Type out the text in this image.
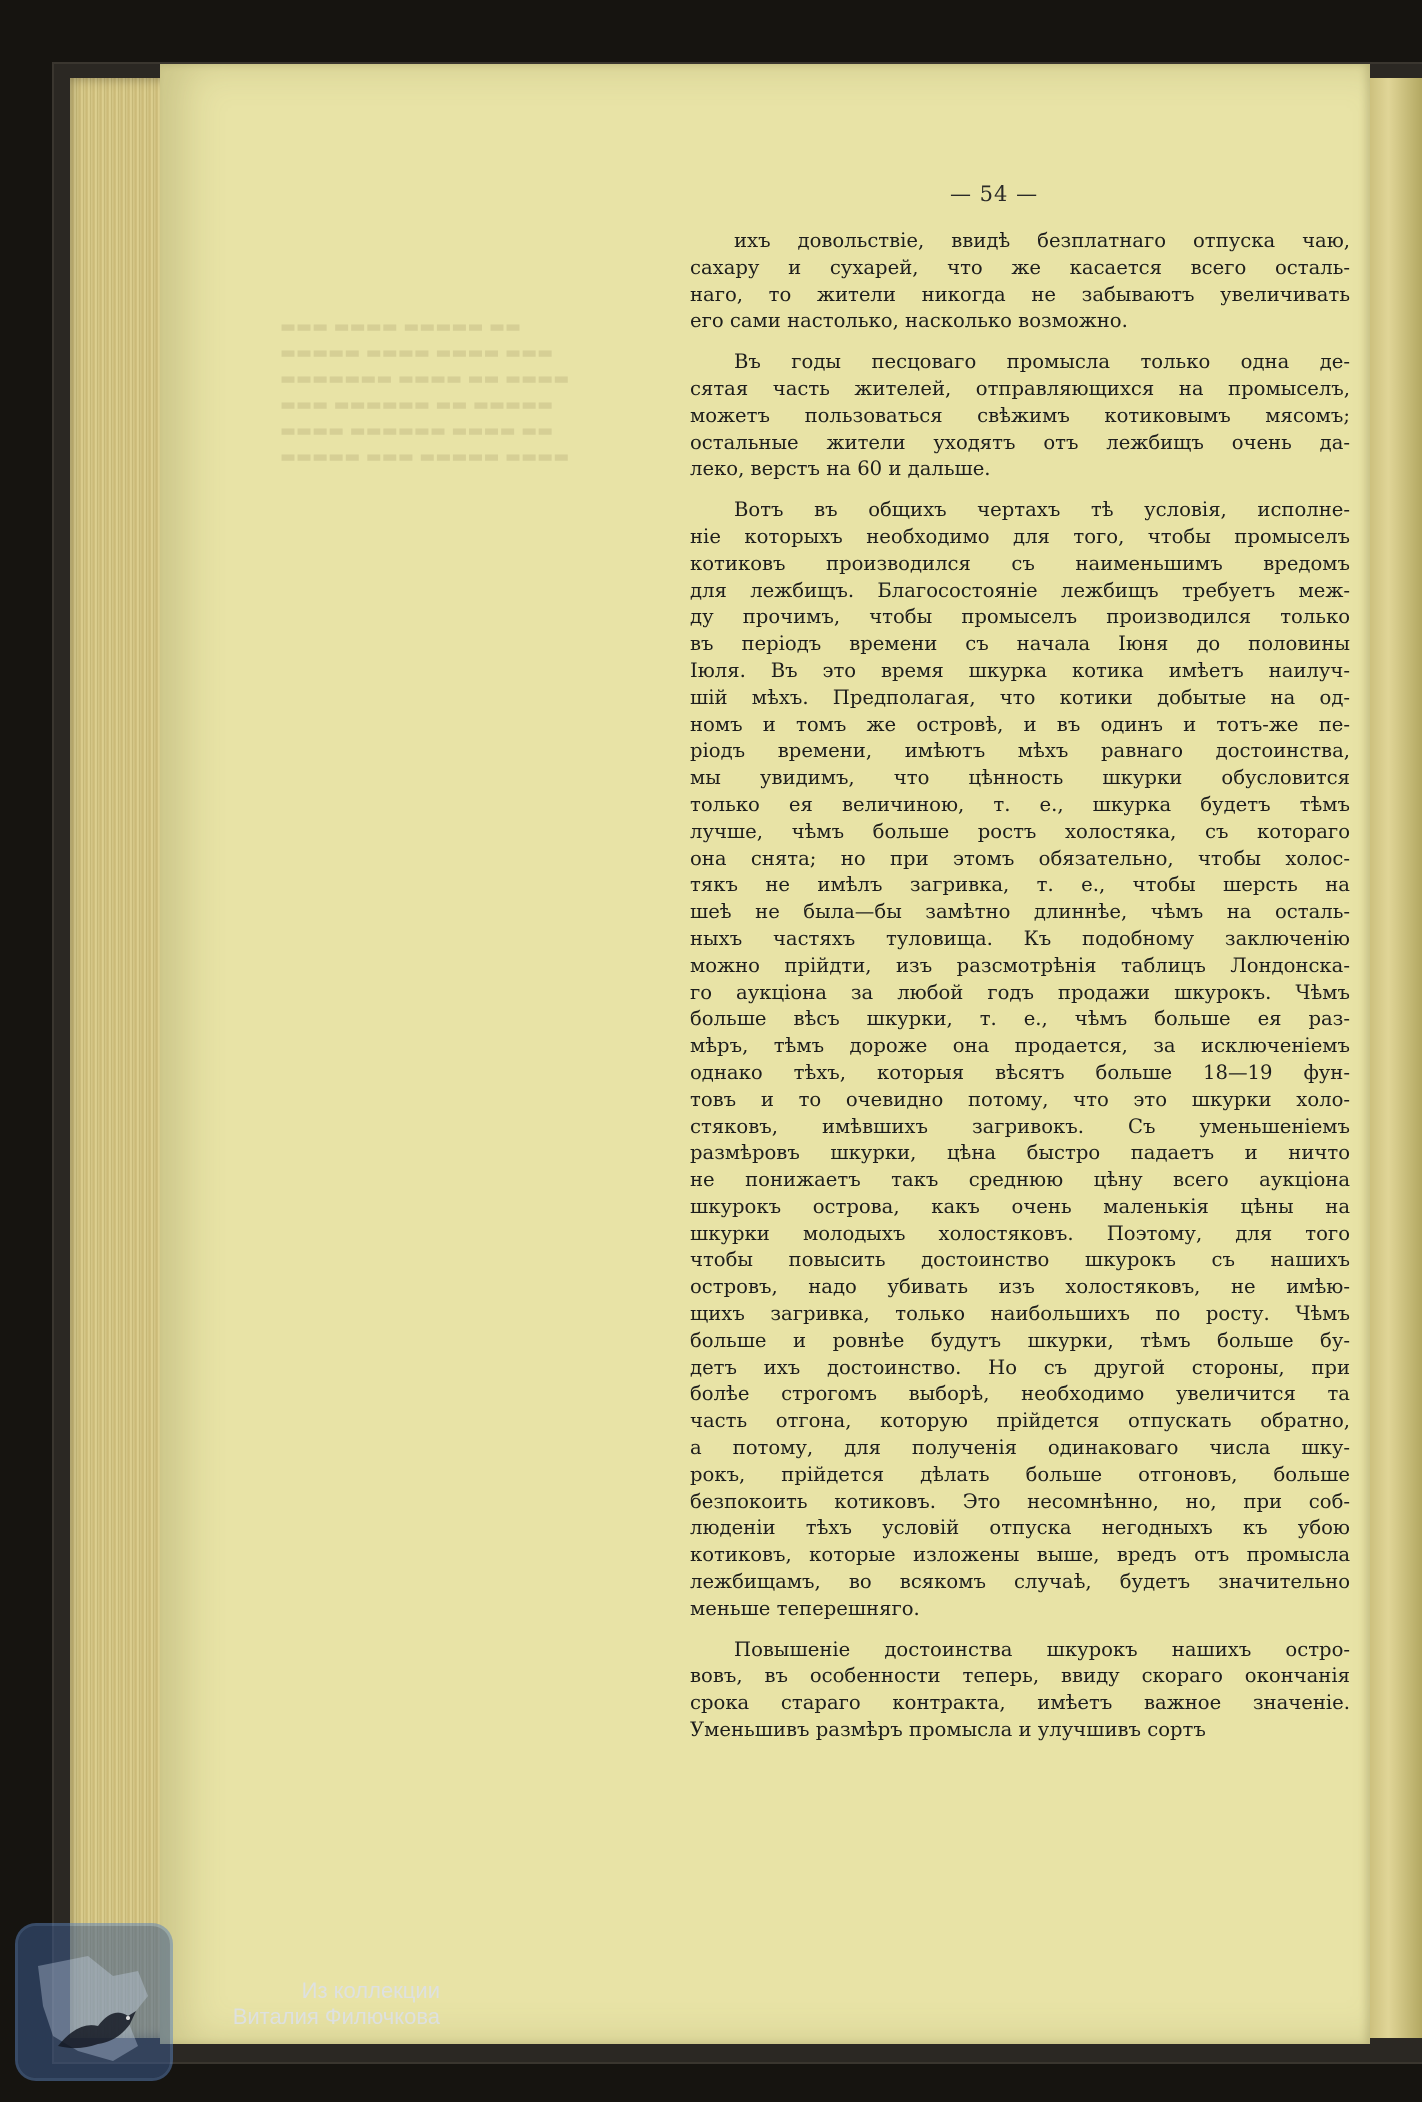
▬▬▬ ▬▬▬▬ ▬▬▬▬▬ ▬▬
▬▬▬▬▬ ▬▬▬▬ ▬▬▬▬ ▬▬▬
▬▬▬▬▬▬▬ ▬▬▬▬ ▬▬ ▬▬▬▬
▬▬▬ ▬▬▬▬▬▬ ▬▬ ▬▬▬▬▬
▬▬▬▬ ▬▬▬▬▬▬ ▬▬▬▬ ▬▬
▬▬▬▬▬ ▬▬▬ ▬▬▬▬▬ ▬▬▬▬
— 54 —
ихъ довольствіе, ввидѣ безплатнаго отпуска чаю,
сахару и сухарей, что же касается всего осталь-
наго, то жители никогда не забываютъ увеличивать
его сами настолько, насколько возможно.
Въ годы песцоваго промысла только одна де-
сятая часть жителей, отправляющихся на промыселъ,
можетъ пользоваться свѣжимъ котиковымъ мясомъ;
остальные жители уходятъ отъ лежбищъ очень да-
леко, верстъ на 60 и дальше.
Вотъ въ общихъ чертахъ тѣ условія, исполне-
ніе которыхъ необходимо для того, чтобы промыселъ
котиковъ производился съ наименьшимъ вредомъ
для лежбищъ. Благосостояніе лежбищъ требуетъ меж-
ду прочимъ, чтобы промыселъ производился только
въ періодъ времени съ начала Іюня до половины
Іюля. Въ это время шкурка котика имѣетъ наилуч-
шій мѣхъ. Предполагая, что котики добытые на од-
номъ и томъ же островѣ, и въ одинъ и тотъ-же пе-
ріодъ времени, имѣютъ мѣхъ равнаго достоинства,
мы увидимъ, что цѣнность шкурки обусловится
только ея величиною, т. е., шкурка будетъ тѣмъ
лучше, чѣмъ больше ростъ холостяка, съ котораго
она снята; но при этомъ обязательно, чтобы холос-
тякъ не имѣлъ загривка, т. е., чтобы шерсть на
шеѣ не была—бы замѣтно длиннѣе, чѣмъ на осталь-
ныхъ частяхъ туловища. Къ подобному заключенію
можно прійдти, изъ разсмотрѣнія таблицъ Лондонска-
го аукціона за любой годъ продажи шкурокъ. Чѣмъ
больше вѣсъ шкурки, т. е., чѣмъ больше ея раз-
мѣръ, тѣмъ дороже она продается, за исключеніемъ
однако тѣхъ, которыя вѣсятъ больше 18—19 фун-
товъ и то очевидно потому, что это шкурки холо-
стяковъ, имѣвшихъ загривокъ. Съ уменьшеніемъ
размѣровъ шкурки, цѣна быстро падаетъ и ничто
не понижаетъ такъ среднюю цѣну всего аукціона
шкурокъ острова, какъ очень маленькія цѣны на
шкурки молодыхъ холостяковъ. Поэтому, для того
чтобы повысить достоинство шкурокъ съ нашихъ
островъ, надо убивать изъ холостяковъ, не имѣю-
щихъ загривка, только наибольшихъ по росту. Чѣмъ
больше и ровнѣе будутъ шкурки, тѣмъ больше бу-
детъ ихъ достоинство. Но съ другой стороны, при
болѣе строгомъ выборѣ, необходимо увеличится та
часть отгона, которую прійдется отпускать обратно,
а потому, для полученія одинаковаго числа шку-
рокъ, прійдется дѣлать больше отгоновъ, больше
безпокоить котиковъ. Это несомнѣнно, но, при соб-
люденіи тѣхъ условій отпуска негодныхъ къ убою
котиковъ, которые изложены выше, вредъ отъ промысла
лежбищамъ, во всякомъ случаѣ, будетъ значительно
меньше теперешняго.
Повышеніе достоинства шкурокъ нашихъ остро-
вовъ, въ особенности теперь, ввиду скораго окончанія
срока стараго контракта, имѣетъ важное значеніе.
Уменьшивъ размѣръ промысла и улучшивъ сортъ
Из коллекции
Виталия Филючкова
